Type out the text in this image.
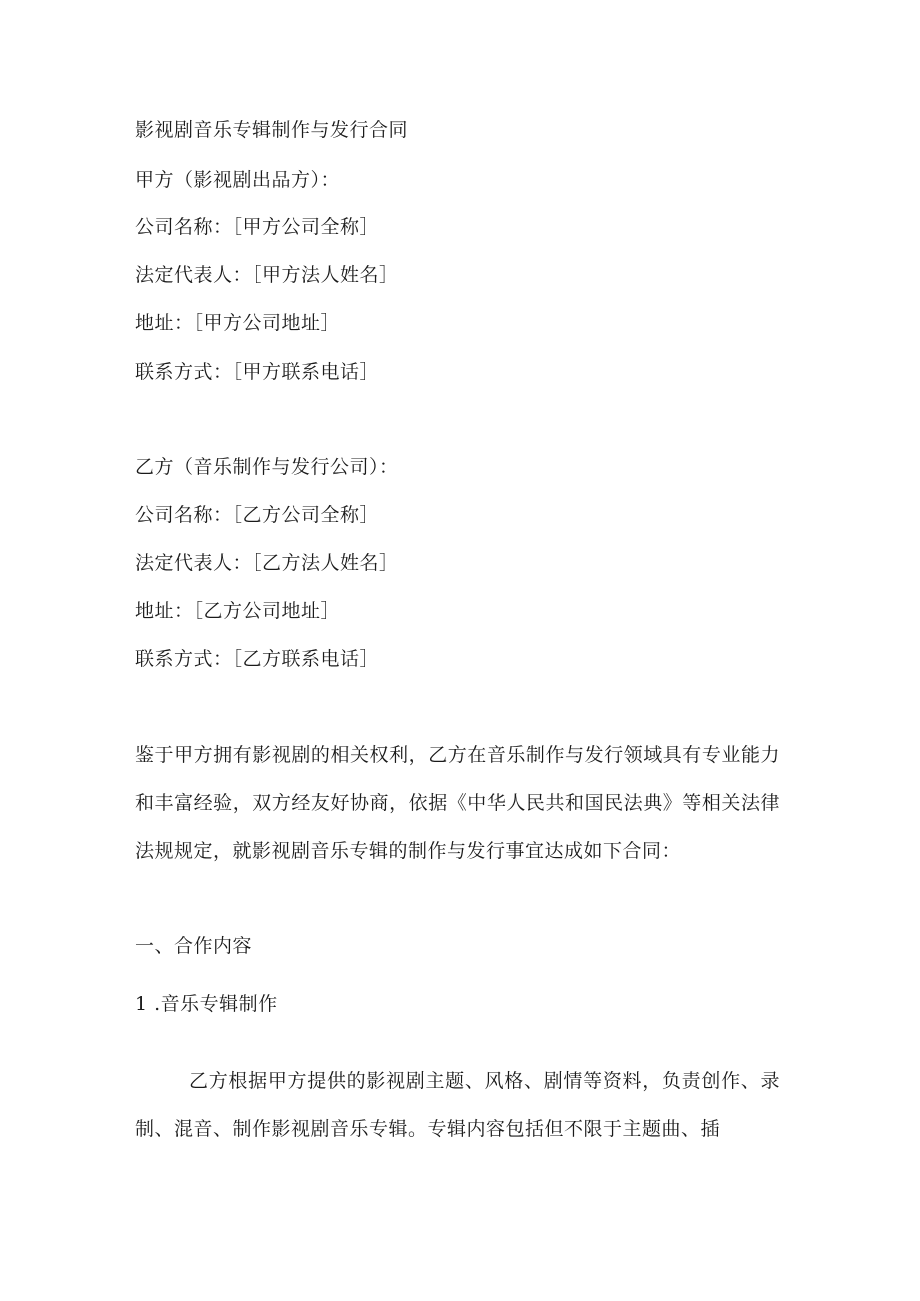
影视剧音乐专辑制作与发行合同
甲方（影视剧出品方）：
公司名称：［甲方公司全称］
法定代表人：［甲方法人姓名］
地址：［甲方公司地址］
联系方式：［甲方联系电话］
乙方（音乐制作与发行公司）：
公司名称：［乙方公司全称］
法定代表人：［乙方法人姓名］
地址：［乙方公司地址］
联系方式：［乙方联系电话］
鉴于甲方拥有影视剧的相关权利，乙方在音乐制作与发行领域具有专业能力和丰富经验，双方经友好协商，依据《中华人民共和国民法典》等相关法律法规规定，就影视剧音乐专辑的制作与发行事宜达成如下合同：
一、合作内容
1 .音乐专辑制作
乙方根据甲方提供的影视剧主题、风格、剧情等资料，负责创作、录制、混音、制作影视剧音乐专辑。专辑内容包括但不限于主题曲、插
